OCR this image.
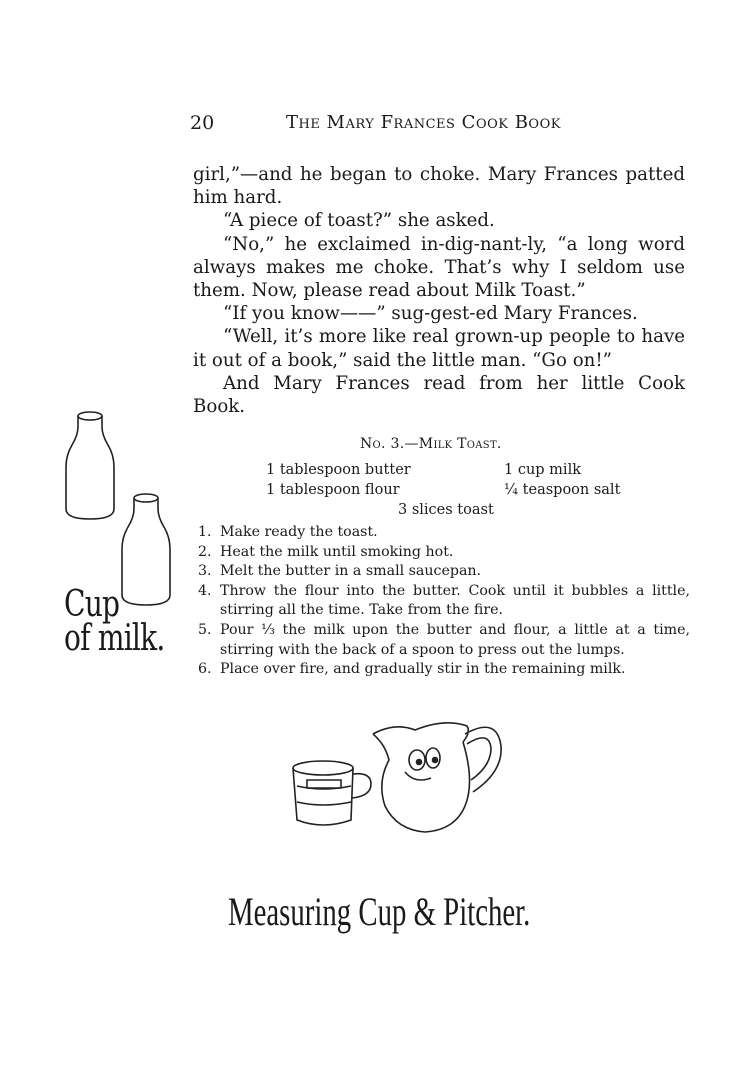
20	The Mary Frances Cook Book

girl,”—and he began to choke. Mary Frances patted him hard.

“A piece of toast?” she asked.

“No,” he exclaimed in-dig-nant-ly, “a long word always makes me choke. That’s why I seldom use them. Now, please read about Milk Toast.”

“If you know——” sug-gest-ed Mary Frances.

“Well, it’s more like real grown-up people to have it out of a book,” said the little man. “Go on!”

And Mary Frances read from her little Cook Book.

No. 3.—Milk Toast.
1 tablespoon butter	1 cup milk
1 tablespoon flour	¼ teaspoon salt
3 slices toast
1. Make ready the toast.
2. Heat the milk until smoking hot.
3. Melt the butter in a small saucepan.
4. Throw the flour into the butter. Cook until it bubbles a little, stirring all the time. Take from the fire.
5. Pour ⅓ the milk upon the butter and flour, a little at a time, stirring with the back of a spoon to press out the lumps.
6. Place over fire, and gradually stir in the remaining milk.
Cup
of milk.
Measuring Cup & Pitcher.
